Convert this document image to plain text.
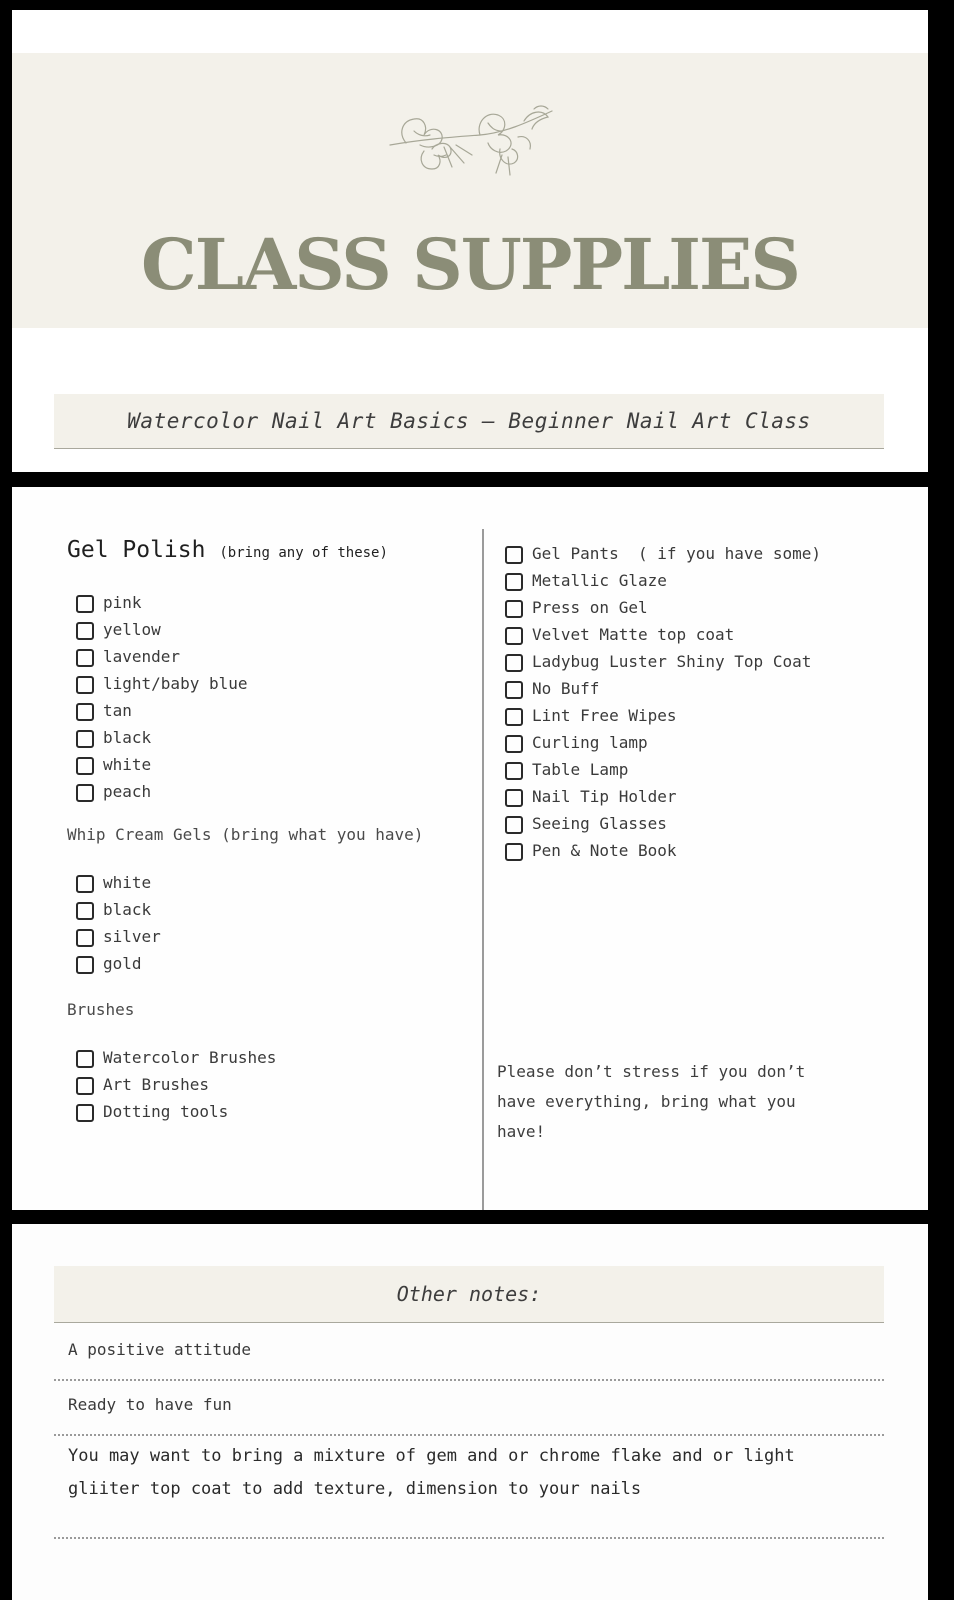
CLASS SUPPLIES
Watercolor Nail Art Basics – Beginner Nail Art Class
Gel Polish (bring any of these)
pink
yellow
lavender
light/baby blue
tan
black
white
peach
Whip Cream Gels (bring what you have)
white
black
silver
gold
Brushes
Watercolor Brushes
Art Brushes
Dotting tools
Gel Pants  ( if you have some)
Metallic Glaze
Press on Gel
Velvet Matte top coat
Ladybug Luster Shiny Top Coat
No Buff
Lint Free Wipes
Curling lamp
Table Lamp
Nail Tip Holder
Seeing Glasses
Pen & Note Book
Please don’t stress if you don’t have everything, bring what you have!
Other notes:
A positive attitude
Ready to have fun
You may want to bring a mixture of gem and or chrome flake and or light gliiter top coat to add texture, dimension to your nails
